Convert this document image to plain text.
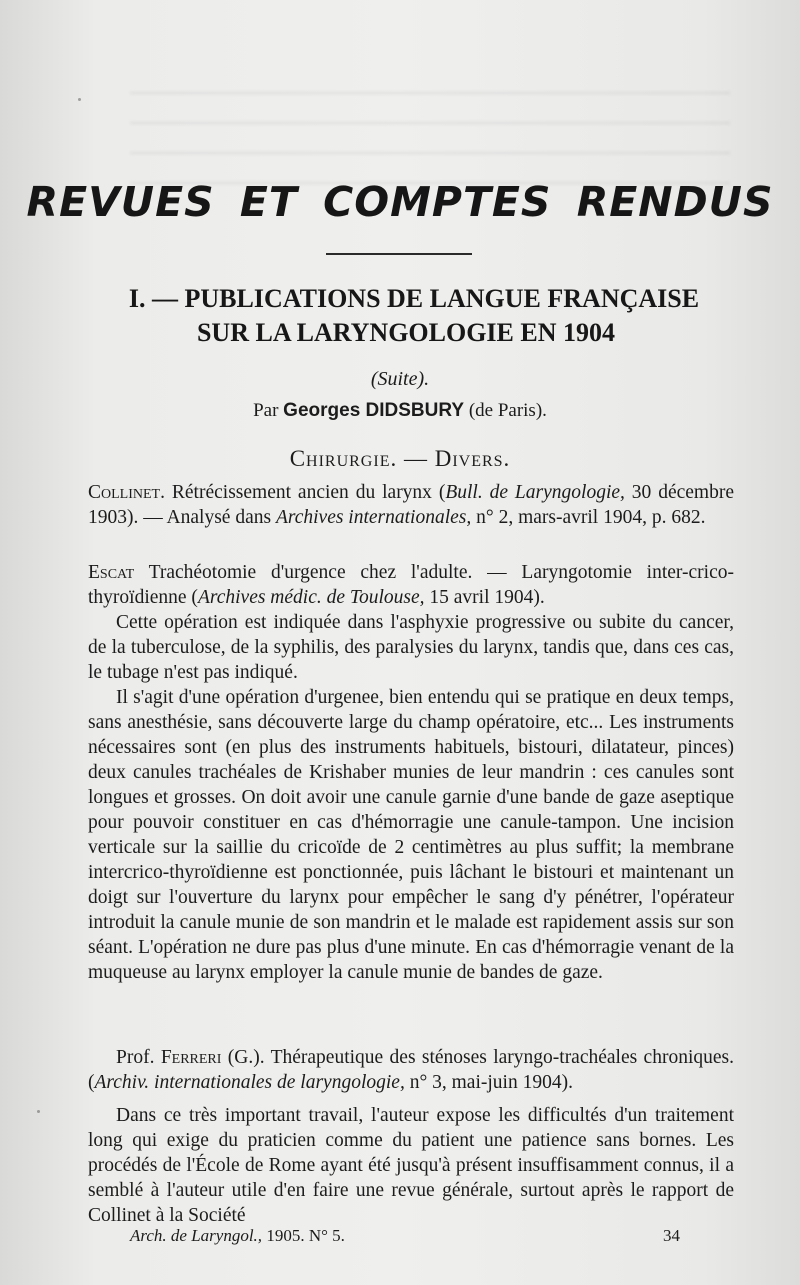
REVUES ET COMPTES RENDUS
I. — PUBLICATIONS DE LANGUE FRANÇAISE
SUR LA LARYNGOLOGIE EN 1904
(Suite).
Par Georges DIDSBURY (de Paris).
Chirurgie. — Divers.

Collinet. Rétrécissement ancien du larynx (Bull. de Laryngologie, 30 décembre 1903). — Analysé dans Archives internationales, n° 2, mars-avril 1904, p. 682.

Escat Trachéotomie d'urgence chez l'adulte. — Laryngotomie inter-crico-thyroïdienne (Archives médic. de Toulouse, 15 avril 1904).

Cette opération est indiquée dans l'asphyxie progressive ou subite du cancer, de la tuberculose, de la syphilis, des paralysies du larynx, tandis que, dans ces cas, le tubage n'est pas indiqué.

Il s'agit d'une opération d'urgenee, bien entendu qui se pratique en deux temps, sans anesthésie, sans découverte large du champ opératoire, etc... Les instruments nécessaires sont (en plus des instruments habituels, bistouri, dilatateur, pinces) deux canules trachéales de Krishaber munies de leur mandrin : ces canules sont longues et grosses. On doit avoir une canule garnie d'une bande de gaze aseptique pour pouvoir constituer en cas d'hémorragie une canule-tampon. Une incision verticale sur la saillie du cricoïde de 2 centimètres au plus suffit; la membrane intercrico-thyroïdienne est ponctionnée, puis lâchant le bistouri et maintenant un doigt sur l'ouverture du larynx pour empêcher le sang d'y pénétrer, l'opérateur introduit la canule munie de son mandrin et le malade est rapidement assis sur son séant. L'opération ne dure pas plus d'une minute. En cas d'hémorragie venant de la muqueuse au larynx employer la canule munie de bandes de gaze.

Prof. Ferreri (G.). Thérapeutique des sténoses laryngo-trachéales chroniques. (Archiv. internationales de laryngologie, n° 3, mai-juin 1904).

Dans ce très important travail, l'auteur expose les difficultés d'un traitement long qui exige du praticien comme du patient une patience sans bornes. Les procédés de l'École de Rome ayant été jusqu'à présent insuffisamment connus, il a semblé à l'auteur utile d'en faire une revue générale, surtout après le rapport de Collinet à la Société

Arch. de Laryngol., 1905. N° 5.	34
